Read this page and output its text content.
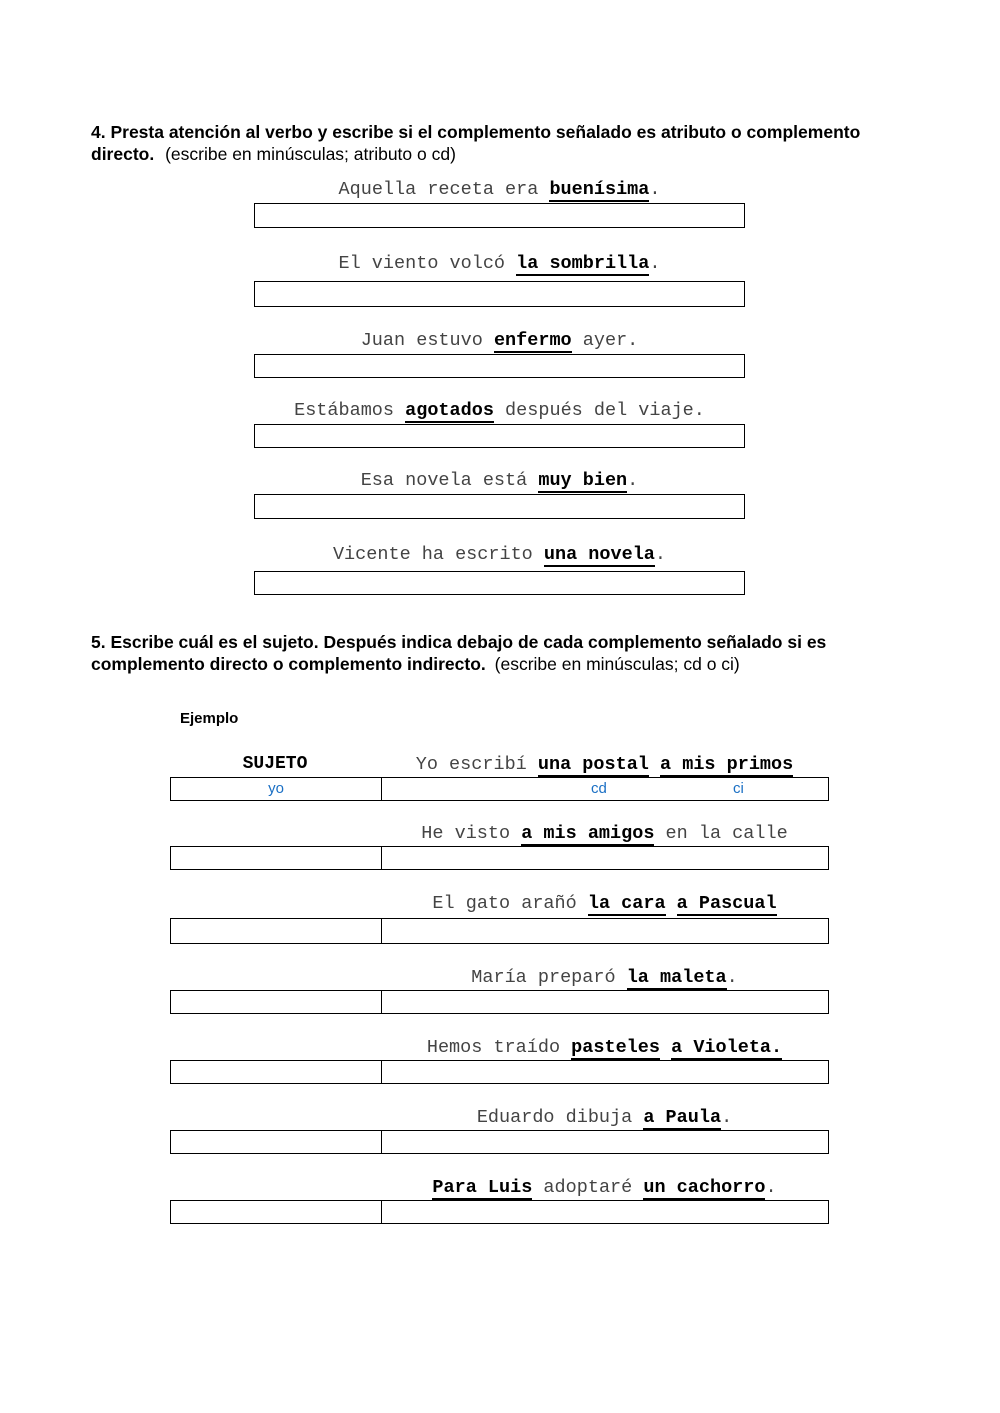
4. Presta atención al verbo y escribe si el complemento señalado es atributo o complemento directo. (escribe en minúsculas; atributo o cd)
Aquella receta era buenísima.
El viento volcó la sombrilla.
Juan estuvo enfermo ayer.
Estábamos agotados después del viaje.
Esa novela está muy bien.
Vicente ha escrito una novela.
5. Escribe cuál es el sujeto. Después indica debajo de cada complemento señalado si es complemento directo o complemento indirecto. (escribe en minúsculas; cd o ci)
Ejemplo
SUJETO	Yo escribí una postal a mis primos
yo	cd	ci
He visto a mis amigos en la calle
El gato arañó la cara a Pascual
María preparó la maleta.
Hemos traído pasteles a Violeta.
Eduardo dibuja a Paula.
Para Luis adoptaré un cachorro.
